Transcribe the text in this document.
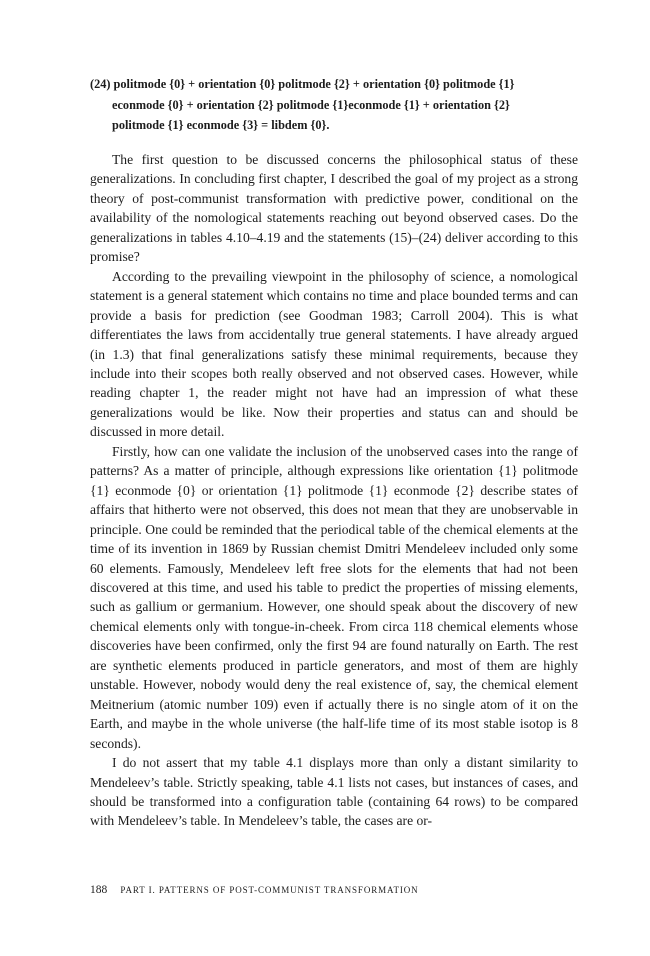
(24) politmode {0} + orientation {0} politmode {2} + orientation {0} politmode {1}
econmode {0} + orientation {2} politmode {1}econmode {1} + orientation {2}
politmode {1} econmode {3} = libdem {0}.

The first question to be discussed concerns the philosophical status of these generalizations. In concluding first chapter, I described the goal of my project as a strong theory of post-communist transformation with predictive power, conditional on the availability of the nomological statements reaching out beyond observed cases. Do the generalizations in tables 4.10–4.19 and the statements (15)–(24) deliver according to this promise?

According to the prevailing viewpoint in the philosophy of science, a nomological statement is a general statement which contains no time and place bounded terms and can provide a basis for prediction (see Goodman 1983; Carroll 2004). This is what differentiates the laws from accidentally true general statements. I have already argued (in 1.3) that final generalizations satisfy these minimal requirements, because they include into their scopes both really observed and not observed cases. However, while reading chapter 1, the reader might not have had an impression of what these generalizations would be like. Now their properties and status can and should be discussed in more detail.

Firstly, how can one validate the inclusion of the unobserved cases into the range of patterns? As a matter of principle, although expressions like orientation {1} politmode {1} econmode {0} or orientation {1} politmode {1} econmode {2} describe states of affairs that hitherto were not observed, this does not mean that they are unobservable in principle. One could be reminded that the periodical table of the chemical elements at the time of its invention in 1869 by Russian chemist Dmitri Mendeleev included only some 60 elements. Famously, Mendeleev left free slots for the elements that had not been discovered at this time, and used his table to predict the properties of missing elements, such as gallium or germanium. However, one should speak about the discovery of new chemical elements only with tongue-in-cheek. From circa 118 chemical elements whose discoveries have been confirmed, only the first 94 are found naturally on Earth. The rest are synthetic elements produced in particle generators, and most of them are highly unstable. However, nobody would deny the real existence of, say, the chemical element Meitnerium (atomic number 109) even if actually there is no single atom of it on the Earth, and maybe in the whole universe (the half-life time of its most stable isotop is 8 seconds).

I do not assert that my table 4.1 displays more than only a distant similarity to Mendeleev’s table. Strictly speaking, table 4.1 lists not cases, but instances of cases, and should be transformed into a configuration table (containing 64 rows) to be compared with Mendeleev’s table. In Mendeleev’s table, the cases are or-

188 PART I. PATTERNS OF POST-COMMUNIST TRANSFORMATION
